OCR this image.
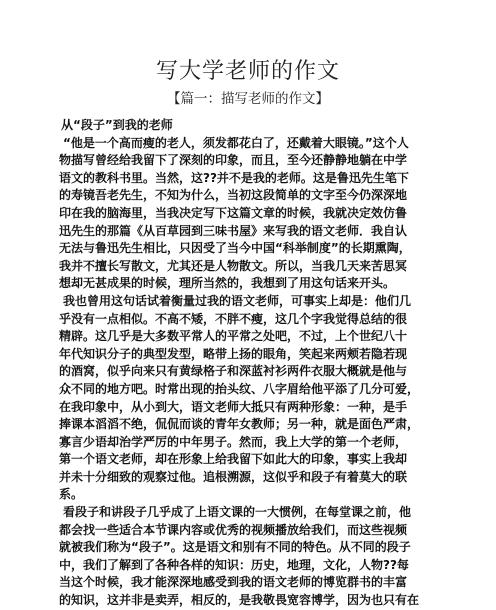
写大学老师的作文
【篇一：描写老师的作文】
从“段子”到我的老师
“他是一个高而瘦的老人，须发都花白了，还戴着大眼镜。”这个人
物描写曾经给我留下了深刻的印象，而且，至今还静静地躺在中学
语文的教科书里。当然，这??并不是我的老师。这是鲁迅先生笔下
的寿镜吾老先生，不知为什么，当初这段简单的文字至今仍深深地
印在我的脑海里，当我决定写下这篇文章的时候，我就决定效仿鲁
迅先生的那篇《从百草园到三味书屋》来写我的语文老师．我自认
无法与鲁迅先生相比，只因受了当今中国“科举制度”的长期熏陶，
我并不擅长写散文，尤其还是人物散文。所以，当我几天来苦思冥
想却无甚成果的时候，理所当然的，我想到了用这句话来开头。
我也曾用这句话试着衡量过我的语文老师，可事实上却是：他们几
乎没有一点相似。不高不矮，不胖不瘦，这几个字我觉得总结的很
精辟。这几乎是大多数平常人的平常之处吧，不过，上个世纪八十
年代知识分子的典型发型，略带上扬的眼角，笑起来两颊若隐若现
的酒窝，似乎向来只有黄绿格子和深蓝衬衫两件衣服大概就是他与
众不同的地方吧。时常出现的抬头纹、八字眉给他平添了几分可爱，
在我印象中，从小到大，语文老师大抵只有两种形象：一种，是手
捧课本滔滔不绝，侃侃而谈的青年女教师；另一种，就是面色严肃，
寡言少语却治学严厉的中年男子。然而，我上大学的第一个老师，
第一个语文老师，却在形象上给我留下如此大的印象，事实上我却
并未十分细致的观察过他。追根溯源，这似乎和段子有着莫大的联
系。
看段子和讲段子几乎成了上语文课的一大惯例，在每堂课之前，他
都会找一些适合本节课内容或优秀的视频播放给我们，而这些视频
就被我们称为“段子”。这是语文和别有不同的特色。从不同的段子
中，我们了解到了各种各样的知识：历史，地理，文化，人物??每
当这个时候，我才能深深地感受到我的语文老师的博览群书的丰富
的知识，这并非是卖弄，相反的，是我敬畏宽容博学，因为也只有在
